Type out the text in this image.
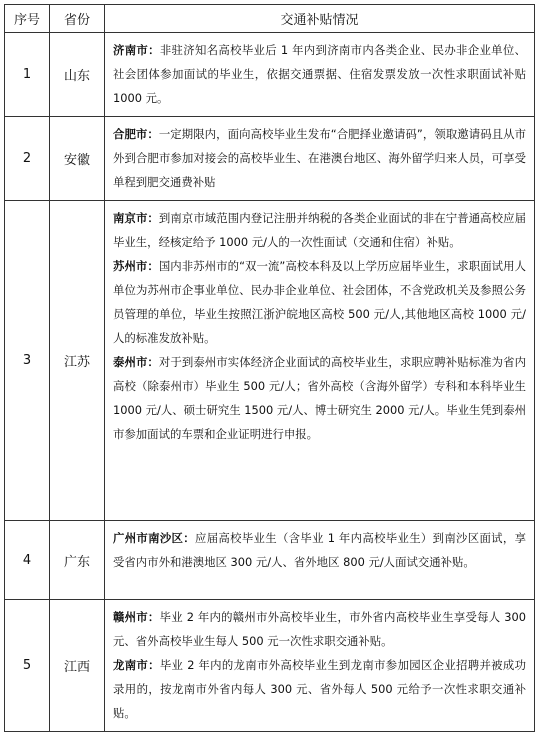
序号	省份	交通补贴情况
1	山东	济南市：非驻济知名高校毕业后 1 年内到济南市内各类企业、民办非企业单位、社会团体参加面试的毕业生，依据交通票据、住宿发票发放一次性求职面试补贴 1000 元。

2	安徽	合肥市：一定期限内，面向高校毕业生发布“合肥择业邀请码”，领取邀请码且从市外到合肥市参加对接会的高校毕业生、在港澳台地区、海外留学归来人员，可享受单程到肥交通费补贴

3	江苏	南京市：到南京市域范围内登记注册并纳税的各类企业面试的非在宁普通高校应届毕业生，经核定给予 1000 元/人的一次性面试（交通和住宿）补贴。
苏州市：国内非苏州市的“双一流”高校本科及以上学历应届毕业生，求职面试用人单位为苏州市企事业单位、民办非企业单位、社会团体，不含党政机关及参照公务员管理的单位，毕业生按照江浙沪皖地区高校 500 元/人,其他地区高校 1000 元/人的标准发放补贴。
泰州市：对于到泰州市实体经济企业面试的高校毕业生，求职应聘补贴标准为省内高校（除泰州市）毕业生 500 元/人；省外高校（含海外留学）专科和本科毕业生 1000 元/人、硕士研究生 1500 元/人、博士研究生 2000 元/人。毕业生凭到泰州市参加面试的车票和企业证明进行申报。

4	广东	广州市南沙区：应届高校毕业生（含毕业 1 年内高校毕业生）到南沙区面试，享受省内市外和港澳地区 300 元/人、省外地区 800 元/人面试交通补贴。

5	江西	赣州市：毕业 2 年内的赣州市外高校毕业生，市外省内高校毕业生享受每人 300 元、省外高校毕业生每人 500 元一次性求职交通补贴。
龙南市：毕业 2 年内的龙南市外高校毕业生到龙南市参加园区企业招聘并被成功录用的，按龙南市外省内每人 300 元、省外每人 500 元给予一次性求职交通补贴。
